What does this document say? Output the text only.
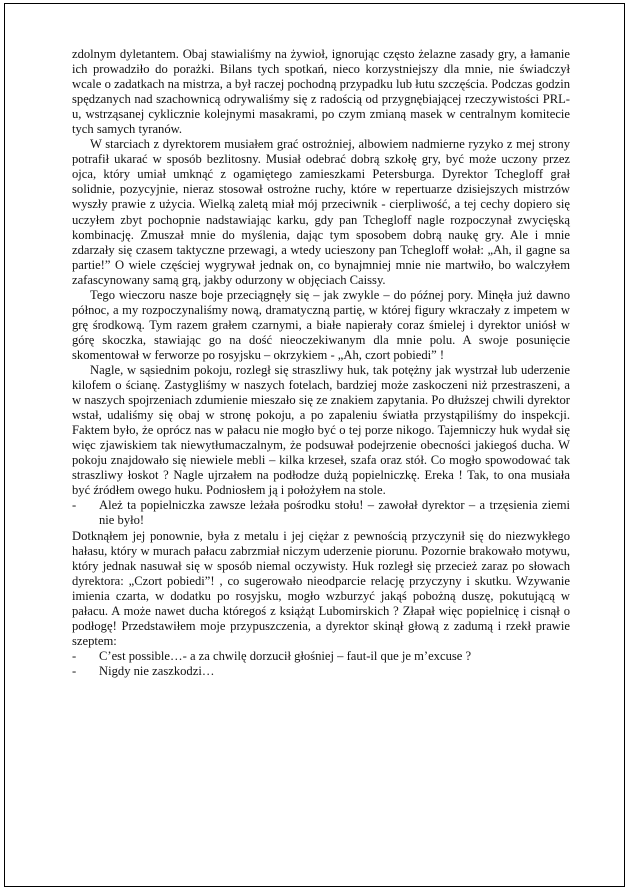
zdolnym dyletantem. Obaj stawialiśmy na żywioł, ignorując często żelazne zasady gry, a łamanie ich prowadziło do porażki. Bilans tych spotkań, nieco korzystniejszy dla mnie, nie świadczył wcale o zadatkach na mistrza, a był raczej pochodną przypadku lub łutu szczęścia. Podczas godzin spędzanych nad szachownicą odrywaliśmy się z radością od przygnębiającej rzeczywistości PRL-u, wstrząsanej cyklicznie kolejnymi masakrami, po czym zmianą masek w centralnym komitecie tych samych tyranów.

W starciach z dyrektorem musiałem grać ostrożniej, albowiem nadmierne ryzyko z mej strony potrafił ukarać w sposób bezlitosny. Musiał odebrać dobrą szkołę gry, być może uczony przez ojca, który umiał umknąć z ogamiętego zamieszkami Petersburga. Dyrektor Tchegloff grał solidnie, pozycyjnie, nieraz stosował ostrożne ruchy, które w repertuarze dzisiejszych mistrzów wyszły prawie z użycia. Wielką zaletą miał mój przeciwnik - cierpliwość, a tej cechy dopiero się uczyłem zbyt pochopnie nadstawiając karku, gdy pan Tchegloff nagle rozpoczynał zwycięską kombinację. Zmuszał mnie do myślenia, dając tym sposobem dobrą naukę gry. Ale i mnie zdarzały się czasem taktyczne przewagi, a wtedy ucieszony pan Tchegloff wołał: „Ah, il gagne sa partie!” O wiele częściej wygrywał jednak on, co bynajmniej mnie nie martwiło, bo walczyłem zafascynowany samą grą, jakby odurzony w objęciach Caissy.

Tego wieczoru nasze boje przeciągnęły się – jak zwykle – do późnej pory. Minęła już dawno północ, a my rozpoczynaliśmy nową, dramatyczną partię, w której figury wkraczały z impetem w grę środkową. Tym razem grałem czarnymi, a białe napierały coraz śmielej i dyrektor uniósł w górę skoczka, stawiając go na dość nieoczekiwanym dla mnie polu. A swoje posunięcie skomentował w ferworze po rosyjsku – okrzykiem - „Ah, czort pobiedi” !

Nagle, w sąsiednim pokoju, rozległ się straszliwy huk, tak potężny jak wystrzał lub uderzenie kilofem o ścianę. Zastygliśmy w naszych fotelach, bardziej może zaskoczeni niż przestraszeni, a w naszych spojrzeniach zdumienie mieszało się ze znakiem zapytania. Po dłuższej chwili dyrektor wstał, udaliśmy się obaj w stronę pokoju, a po zapaleniu światła przystąpiliśmy do inspekcji. Faktem było, że oprócz nas w pałacu nie mogło być o tej porze nikogo. Tajemniczy huk wydał się więc zjawiskiem tak niewytłumaczalnym, że podsuwał podejrzenie obecności jakiegoś ducha. W pokoju znajdowało się niewiele mebli – kilka krzeseł, szafa oraz stół. Co mogło spowodować tak straszliwy łoskot ? Nagle ujrzałem na podłodze dużą popielniczkę. Ereka ! Tak, to ona musiała być źródłem owego huku. Podniosłem ją i położyłem na stole.

- Ależ ta popielniczka zawsze leżała pośrodku stołu! – zawołał dyrektor – a trzęsienia ziemi nie było!

Dotknąłem jej ponownie, była z metalu i jej ciężar z pewnością przyczynił się do niezwykłego hałasu, który w murach pałacu zabrzmiał niczym uderzenie piorunu. Pozornie brakowało motywu, który jednak nasuwał się w sposób niemal oczywisty. Huk rozległ się przecież zaraz po słowach dyrektora: „Czort pobiedi”! , co sugerowało nieodparcie relację przyczyny i skutku. Wzywanie imienia czarta, w dodatku po rosyjsku, mogło wzburzyć jakąś pobożną duszę, pokutującą w pałacu. A może nawet ducha któregoś z książąt Lubomirskich ? Złapał więc popielnicę i cisnął o podłogę! Przedstawiłem moje przypuszczenia, a dyrektor skinął głową z zadumą i rzekł prawie szeptem:

- C’est possible…- a za chwilę dorzucił głośniej – faut-il que je m’excuse ?

- Nigdy nie zaszkodzi…
